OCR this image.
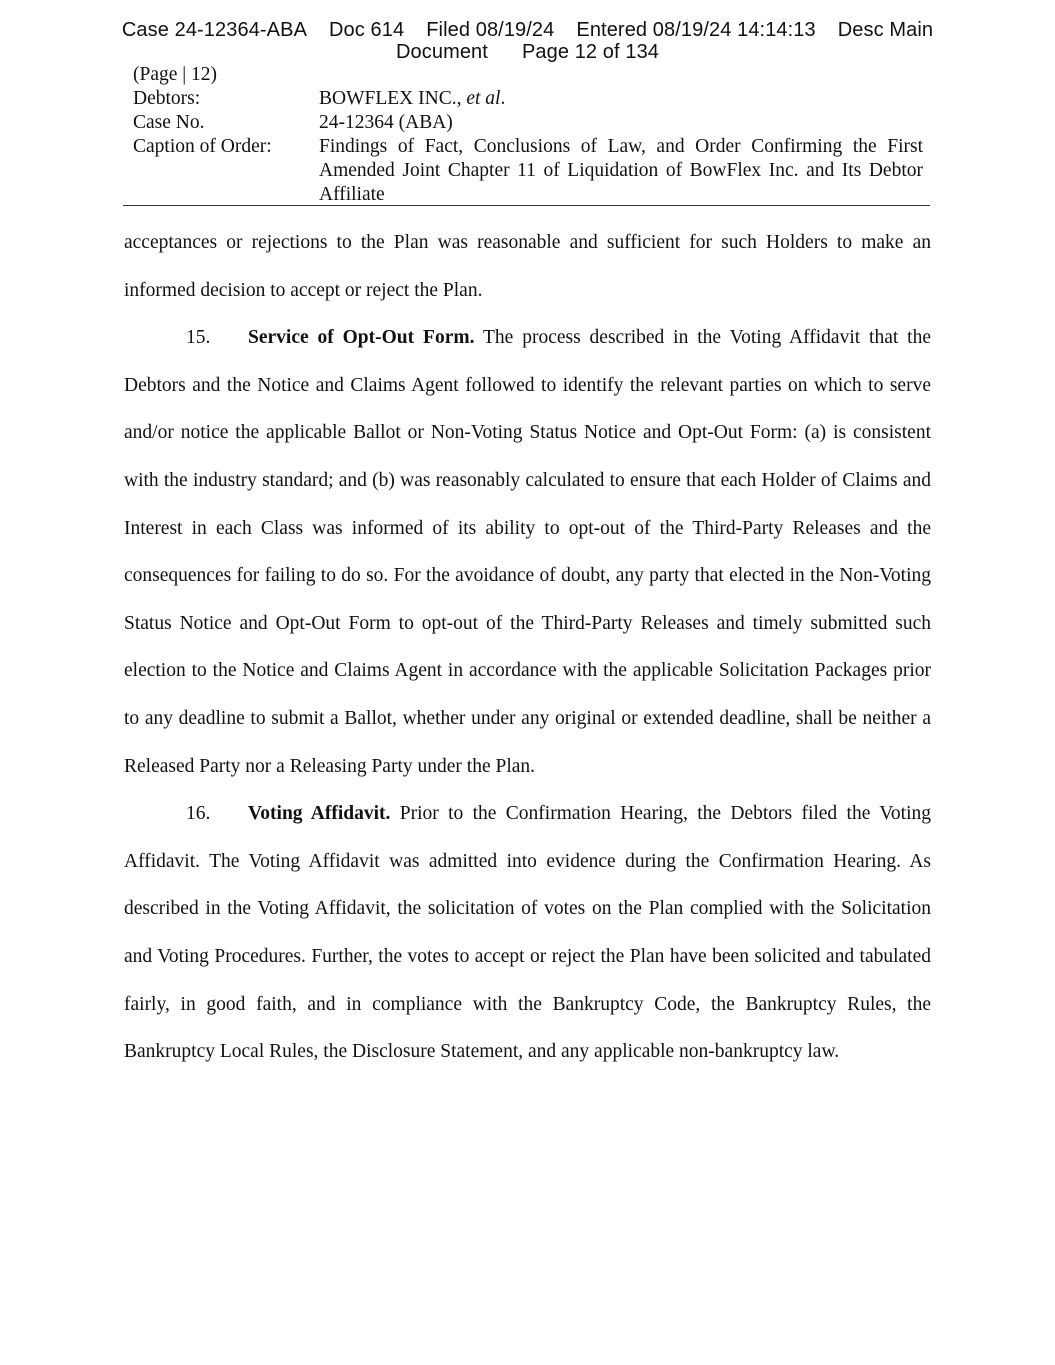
Case 24-12364-ABA Doc 614 Filed 08/19/24 Entered 08/19/24 14:14:13 Desc Main
Document Page 12 of 134
(Page | 12)
Debtors:	BOWFLEX INC., et al.
Case No.	24-12364 (ABA)
Caption of Order:	Findings of Fact, Conclusions of Law, and Order Confirming the First Amended Joint Chapter 11 of Liquidation of BowFlex Inc. and Its Debtor Affiliate

acceptances or rejections to the Plan was reasonable and sufficient for such Holders to make an informed decision to accept or reject the Plan.

15. Service of Opt-Out Form. The process described in the Voting Affidavit that the Debtors and the Notice and Claims Agent followed to identify the relevant parties on which to serve and/or notice the applicable Ballot or Non-Voting Status Notice and Opt-Out Form: (a) is consistent with the industry standard; and (b) was reasonably calculated to ensure that each Holder of Claims and Interest in each Class was informed of its ability to opt-out of the Third-Party Releases and the consequences for failing to do so. For the avoidance of doubt, any party that elected in the Non-Voting Status Notice and Opt-Out Form to opt-out of the Third-Party Releases and timely submitted such election to the Notice and Claims Agent in accordance with the applicable Solicitation Packages prior to any deadline to submit a Ballot, whether under any original or extended deadline, shall be neither a Released Party nor a Releasing Party under the Plan.

16. Voting Affidavit. Prior to the Confirmation Hearing, the Debtors filed the Voting Affidavit. The Voting Affidavit was admitted into evidence during the Confirmation Hearing. As described in the Voting Affidavit, the solicitation of votes on the Plan complied with the Solicitation and Voting Procedures. Further, the votes to accept or reject the Plan have been solicited and tabulated fairly, in good faith, and in compliance with the Bankruptcy Code, the Bankruptcy Rules, the Bankruptcy Local Rules, the Disclosure Statement, and any applicable non-bankruptcy law.
